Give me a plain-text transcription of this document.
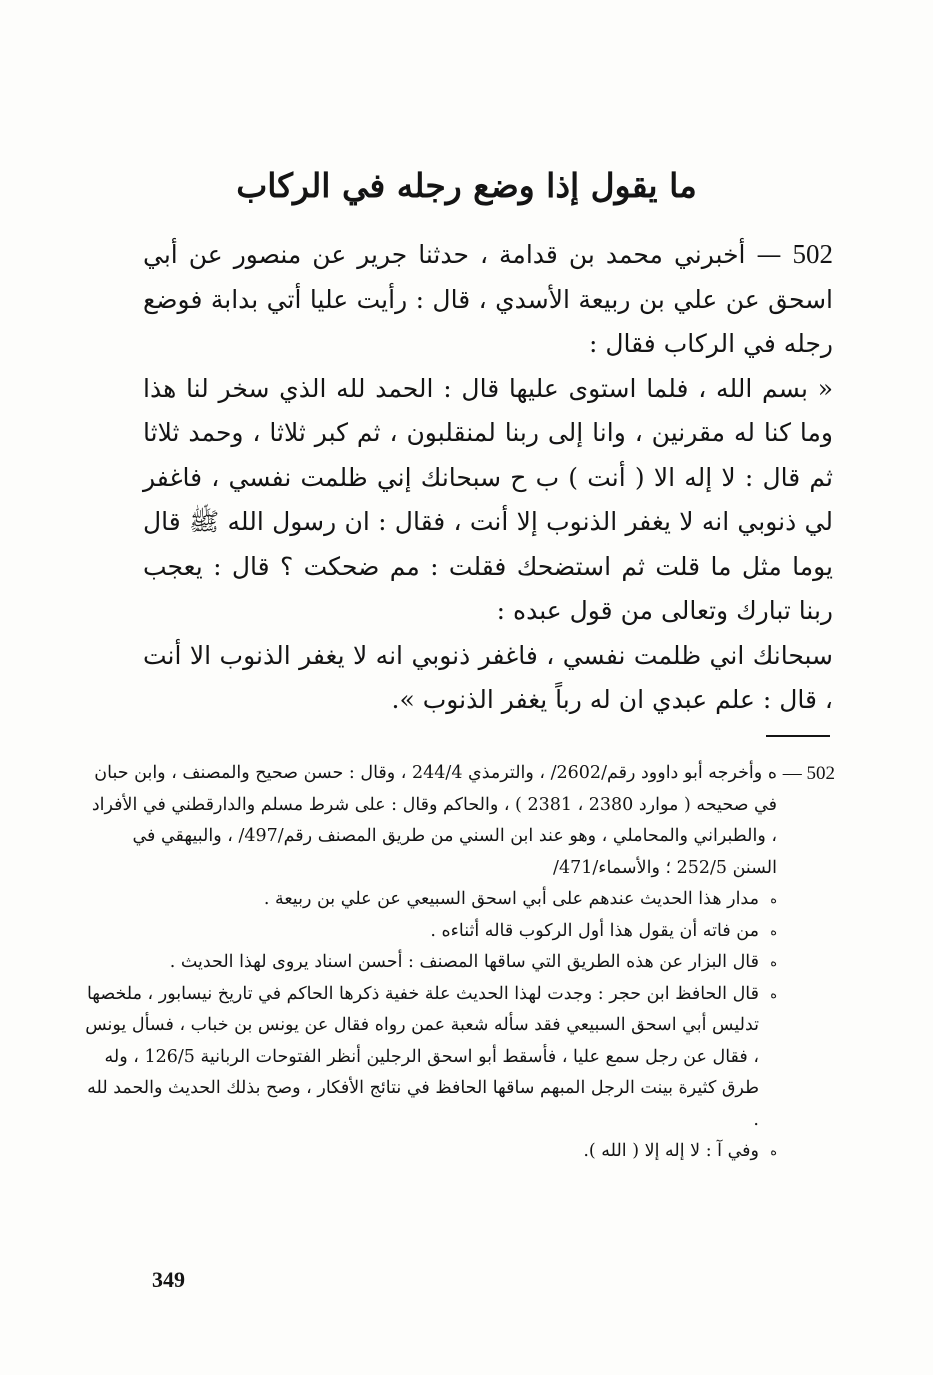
ما يقول إذا وضع رجله في الركاب

502 — أخبرني محمد بن قدامة ، حدثنا جرير عن منصور عن أبي اسحق عن علي بن ربيعة الأسدي ، قال : رأيت عليا أتي بدابة فوضع رجله في الركاب فقال :

« بسم الله ، فلما استوى عليها قال : الحمد لله الذي سخر لنا هذا وما كنا له مقرنين ، وانا إلى ربنا لمنقلبون ، ثم كبر ثلاثا ، وحمد ثلاثا ثم قال : لا إله الا ( أنت ) ب ح سبحانك إني ظلمت نفسي ، فاغفر لي ذنوبي انه لا يغفر الذنوب إلا أنت ، فقال : ان رسول الله ﷺ قال يوما مثل ما قلت ثم استضحك فقلت : مم ضحكت ؟ قال : يعجب ربنا تبارك وتعالى من قول عبده :

سبحانك اني ظلمت نفسي ، فاغفر ذنوبي انه لا يغفر الذنوب الا أنت ، قال : علم عبدي ان له رباً يغفر الذنوب ».

502 —
ه وأخرجه أبو داوود رقم/2602/ ، والترمذي 244/4 ، وقال : حسن صحيح والمصنف ، وابن حبان في صحيحه ( موارد 2380 ، 2381 ) ، والحاكم وقال : على شرط مسلم والدارقطني في الأفراد ، والطبراني والمحاملي ، وهو عند ابن السني من طريق المصنف رقم/497/ ، والبيهقي في السنن 252/5 ؛ والأسماء/471/
ه
مدار هذا الحديث عندهم على أبي اسحق السبيعي عن علي بن ربيعة .
ه
من فاته أن يقول هذا أول الركوب قاله أثناءه .
ه
قال البزار عن هذه الطريق التي ساقها المصنف : أحسن اسناد يروى لهذا الحديث .
ه
قال الحافظ ابن حجر : وجدت لهذا الحديث علة خفية ذكرها الحاكم في تاريخ نيسابور ، ملخصها تدليس أبي اسحق السبيعي فقد سأله شعبة عمن رواه فقال عن يونس بن خباب ، فسأل يونس ، فقال عن رجل سمع عليا ، فأسقط أبو اسحق الرجلين أنظر الفتوحات الربانية 126/5 ، وله طرق كثيرة بينت الرجل المبهم ساقها الحافظ في نتائج الأفكار ، وصح بذلك الحديث والحمد لله .
ه
وفي آ : لا إله إلا ( الله ).
349
